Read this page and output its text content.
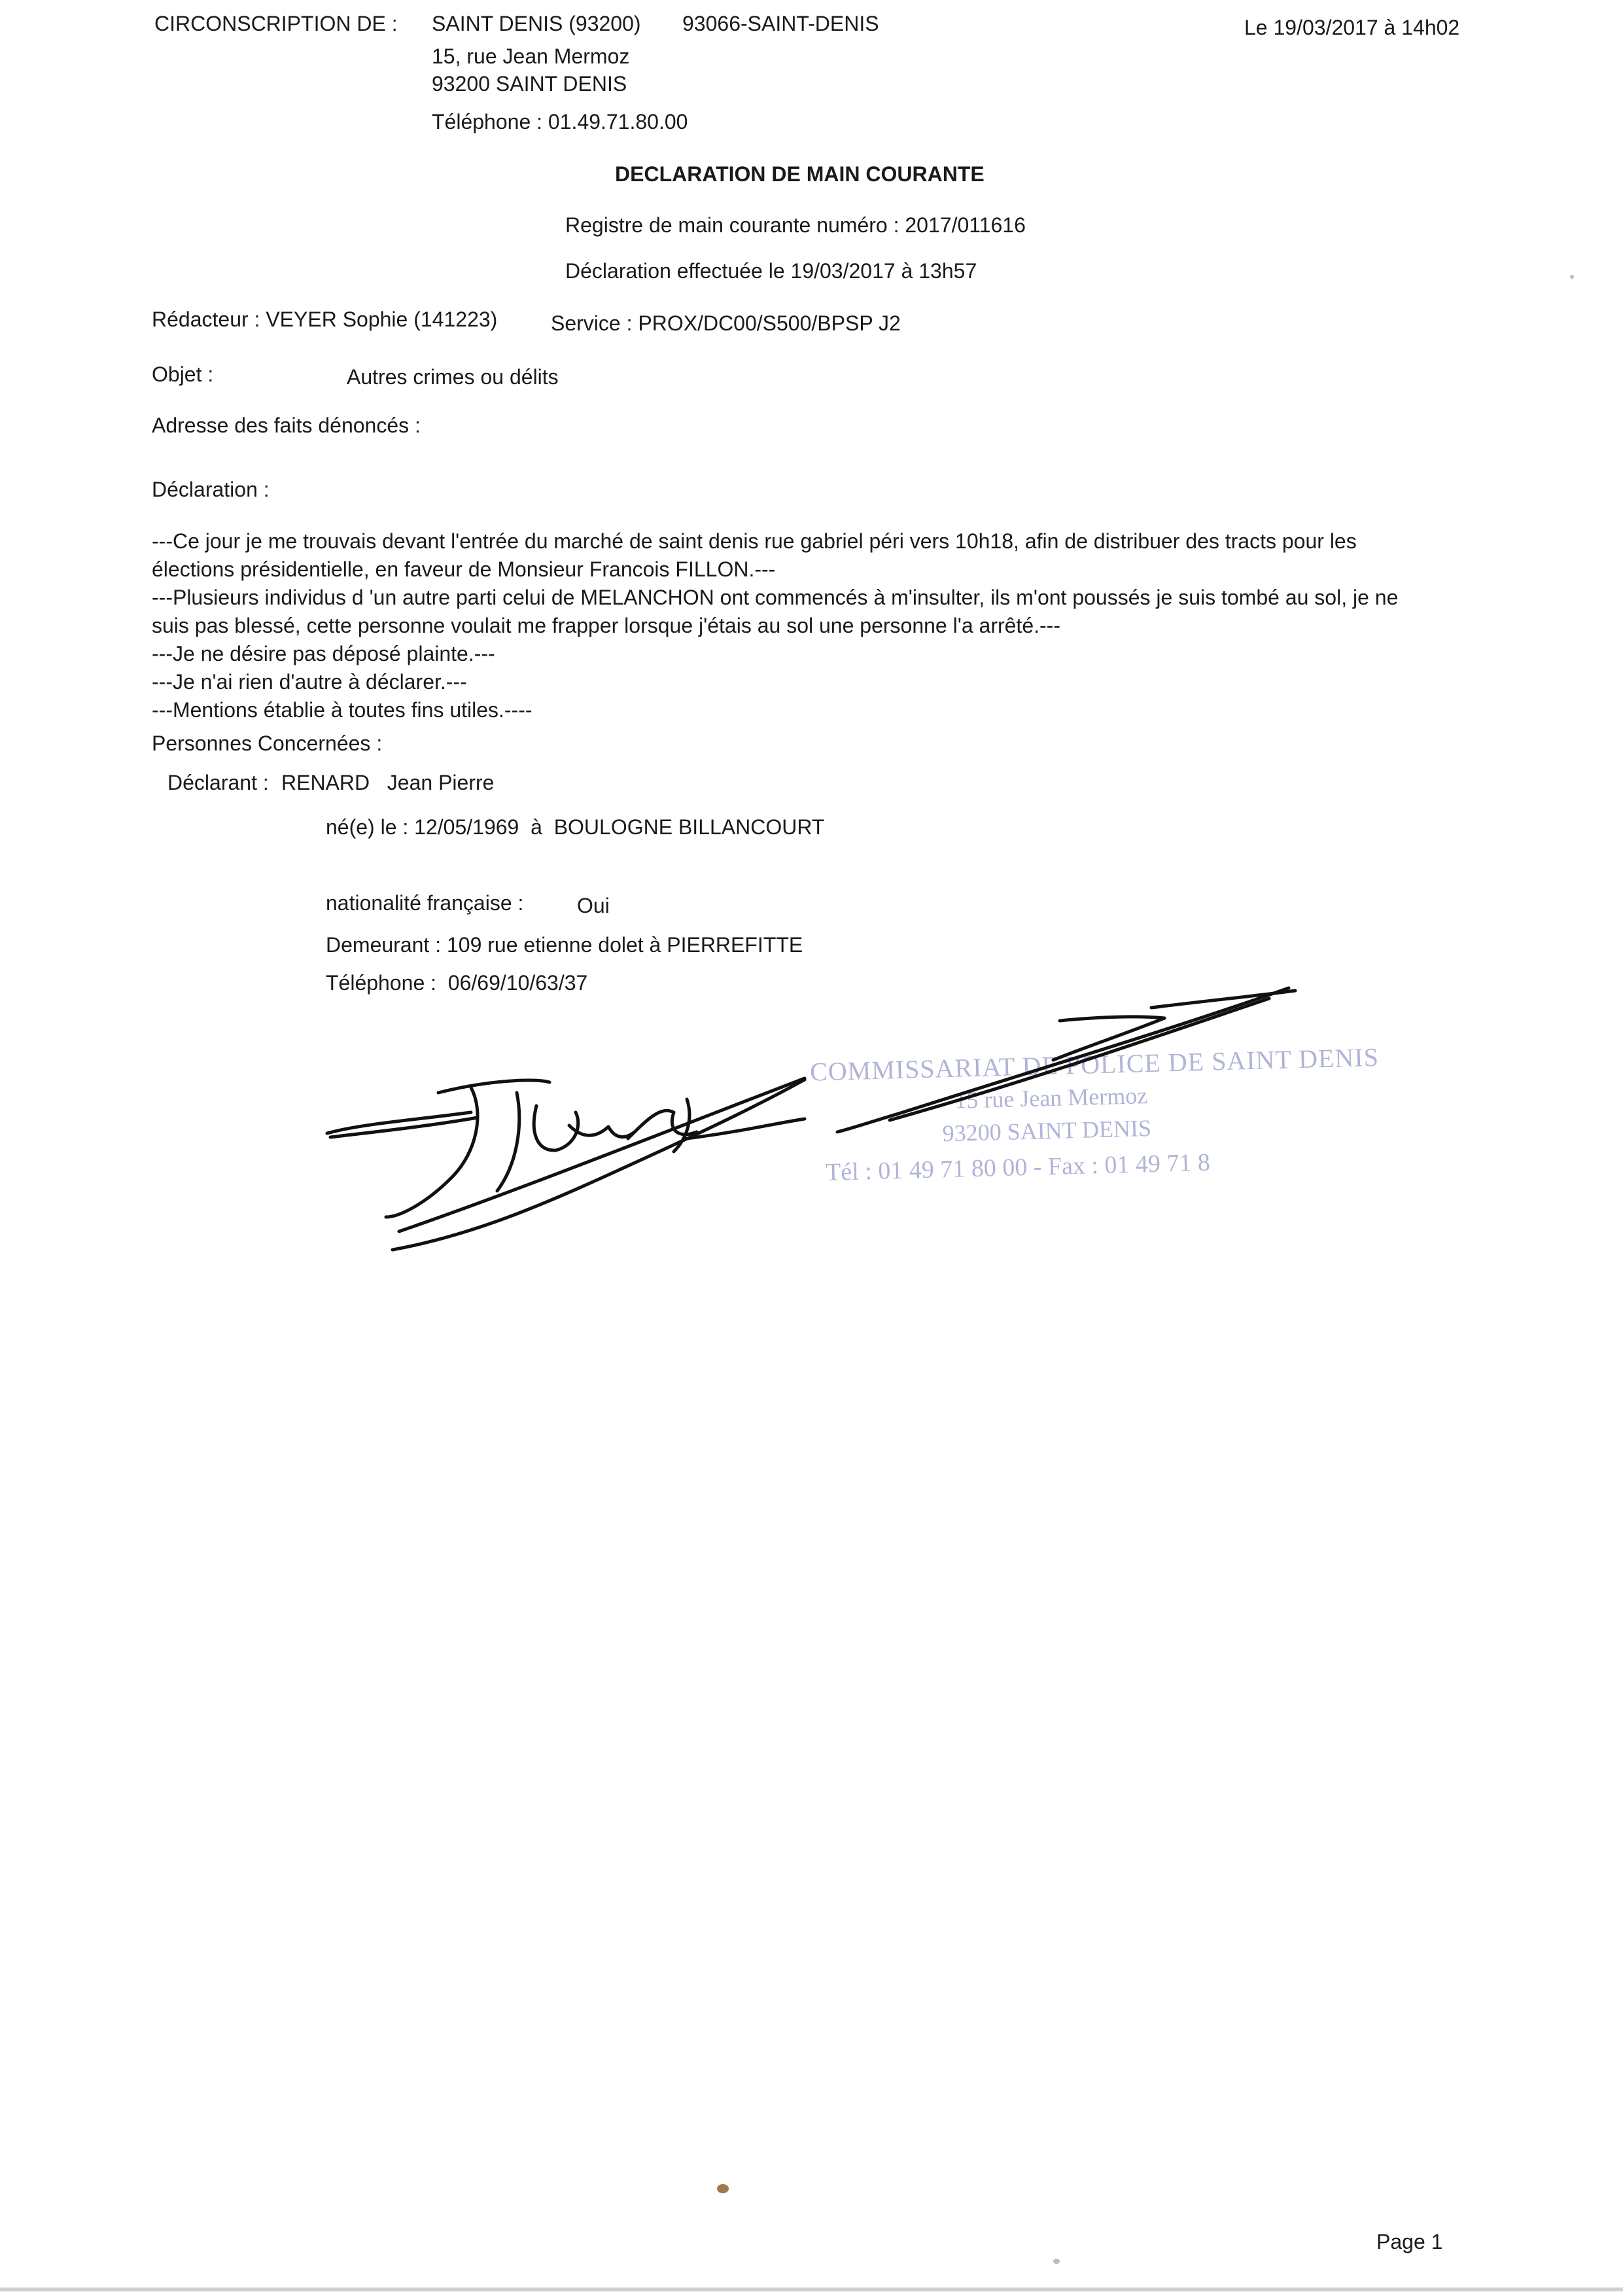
CIRCONSCRIPTION DE : SAINT DENIS (93200) 93066-SAINT-DENIS	Le 19/03/2017 à 14h02
15, rue Jean Mermoz
93200 SAINT DENIS
Téléphone : 01.49.71.80.00
DECLARATION DE MAIN COURANTE
Registre de main courante numéro : 2017/011616
Déclaration effectuée le 19/03/2017 à 13h57
Rédacteur : VEYER Sophie (141223)	Service : PROX/DC00/S500/BPSP J2
Objet :	Autres crimes ou délits
Adresse des faits dénoncés :
Déclaration :

---Ce jour je me trouvais devant l'entrée du marché de saint denis rue gabriel péri vers 10h18, afin de distribuer des tracts pour les élections présidentielle, en faveur de Monsieur Francois FILLON.---

---Plusieurs individus d 'un autre parti celui de MELANCHON ont commencés à m'insulter, ils m'ont poussés je suis tombé au sol, je ne suis pas blessé, cette personne voulait me frapper lorsque j'étais au sol une personne l'a arrêté.---

---Je ne désire pas déposé plainte.---

---Je n'ai rien d'autre à déclarer.---

---Mentions établie à toutes fins utiles.----

Personnes Concernées :
Déclarant : RENARD   Jean Pierre
né(e) le : 12/05/1969  à  BOULOGNE BILLANCOURT
nationalité française :	Oui
Demeurant : 109 rue etienne dolet à PIERREFITTE
Téléphone :  06/69/10/63/37
COMMISSARIAT DE POLICE DE SAINT DENIS
15 rue Jean Mermoz
93200 SAINT DENIS
Tél : 01 49 71 80 00 - Fax : 01 49 71 8
Page 1
